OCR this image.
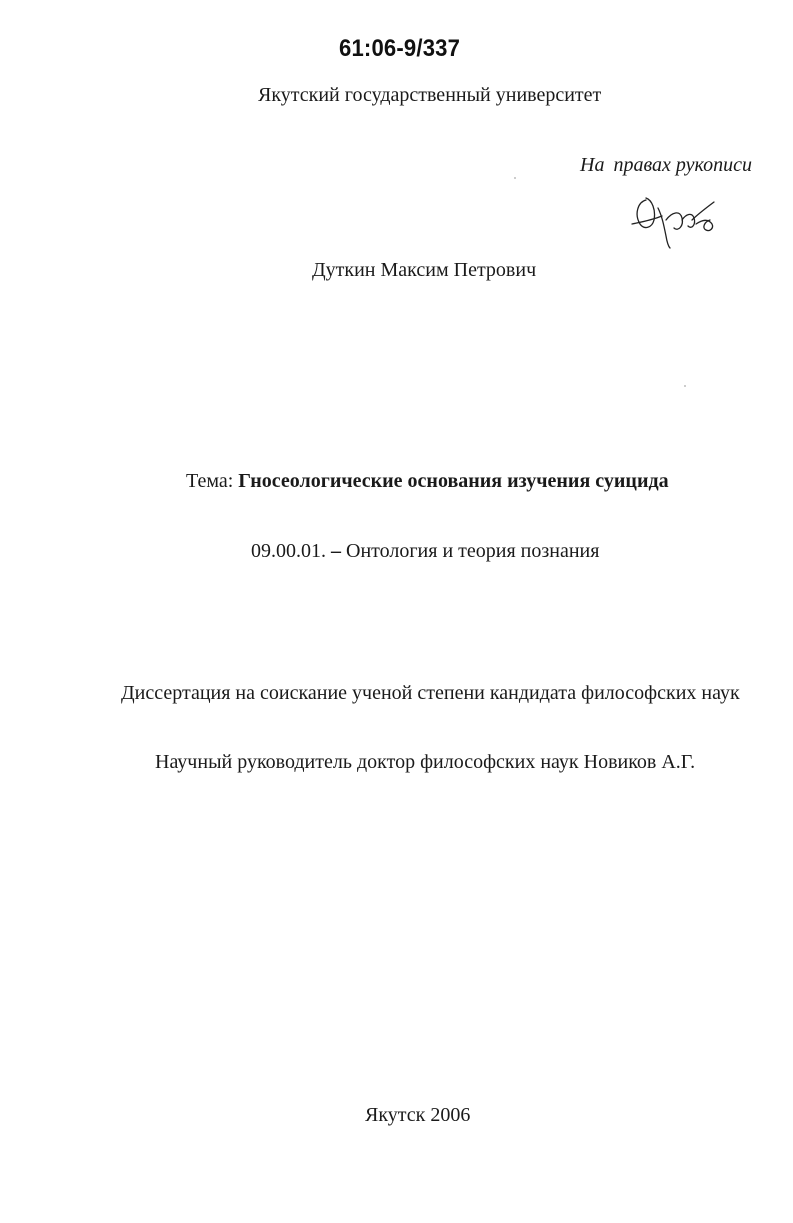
61:06-9/337
Якутский государственный университет
На правах рукописи
Дуткин Максим Петрович
Тема: Гносеологические основания изучения суицида
09.00.01. – Онтология и теория познания
Диссертация на соискание ученой степени кандидата философских наук
Научный руководитель доктор философских наук Новиков А.Г.
Якутск 2006
